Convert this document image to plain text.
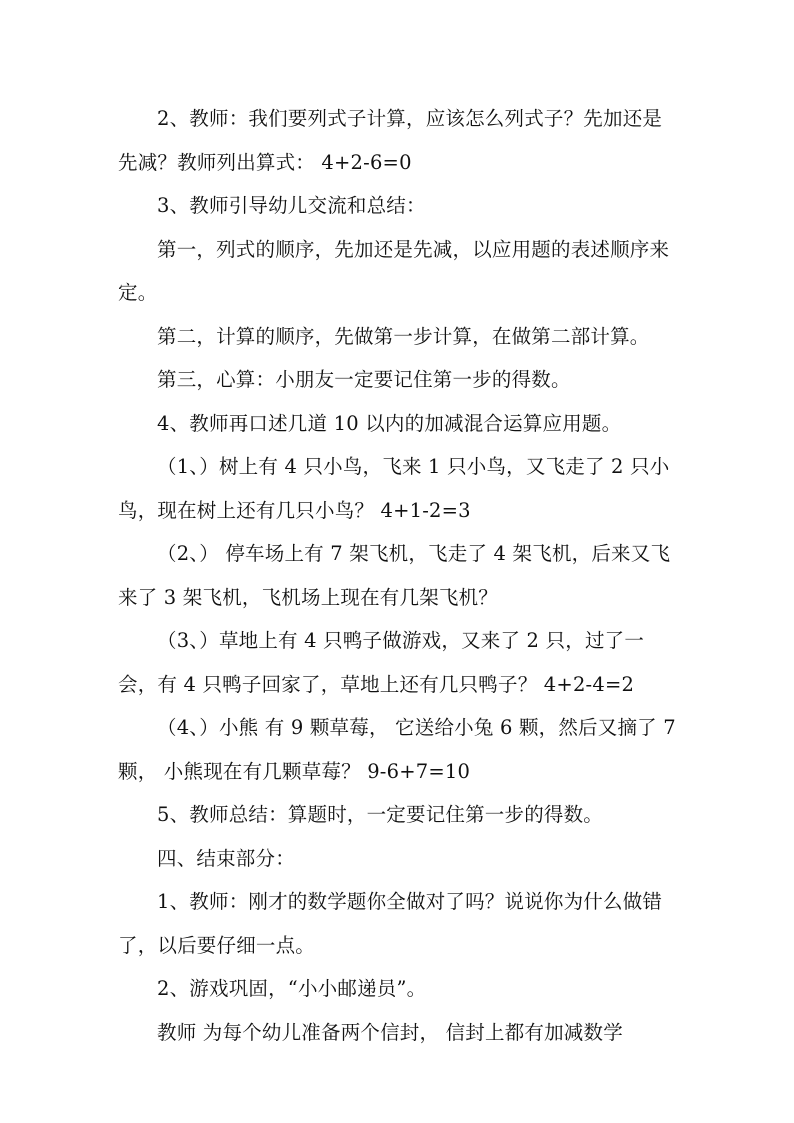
2、教师：我们要列式子计算，应该怎么列式子？先加还是先减？教师列出算式： 4+2-6=0

3、教师引导幼儿交流和总结：

第一，列式的顺序，先加还是先减，以应用题的表述顺序来定。

第二，计算的顺序，先做第一步计算，在做第二部计算。

第三，心算：小朋友一定要记住第一步的得数。

4、教师再口述几道 10 以内的加减混合运算应用题。

（1、）树上有 4 只小鸟，飞来 1 只小鸟，又飞走了 2 只小鸟，现在树上还有几只小鸟？ 4+1-2=3

（2、） 停车场上有 7 架飞机，飞走了 4 架飞机，后来又飞来了 3 架飞机，飞机场上现在有几架飞机？

（3、）草地上有 4 只鸭子做游戏，又来了 2 只，过了一会，有 4 只鸭子回家了，草地上还有几只鸭子？ 4+2-4=2

（4、）小熊 有 9 颗草莓， 它送给小兔 6 颗，然后又摘了 7 颗， 小熊现在有几颗草莓？ 9-6+7=10

5、教师总结：算题时，一定要记住第一步的得数。

四、结束部分：

1、教师：刚才的数学题你全做对了吗？说说你为什么做错了，以后要仔细一点。

2、游戏巩固，“小小邮递员”。

教师 为每个幼儿准备两个信封， 信封上都有加减数学
